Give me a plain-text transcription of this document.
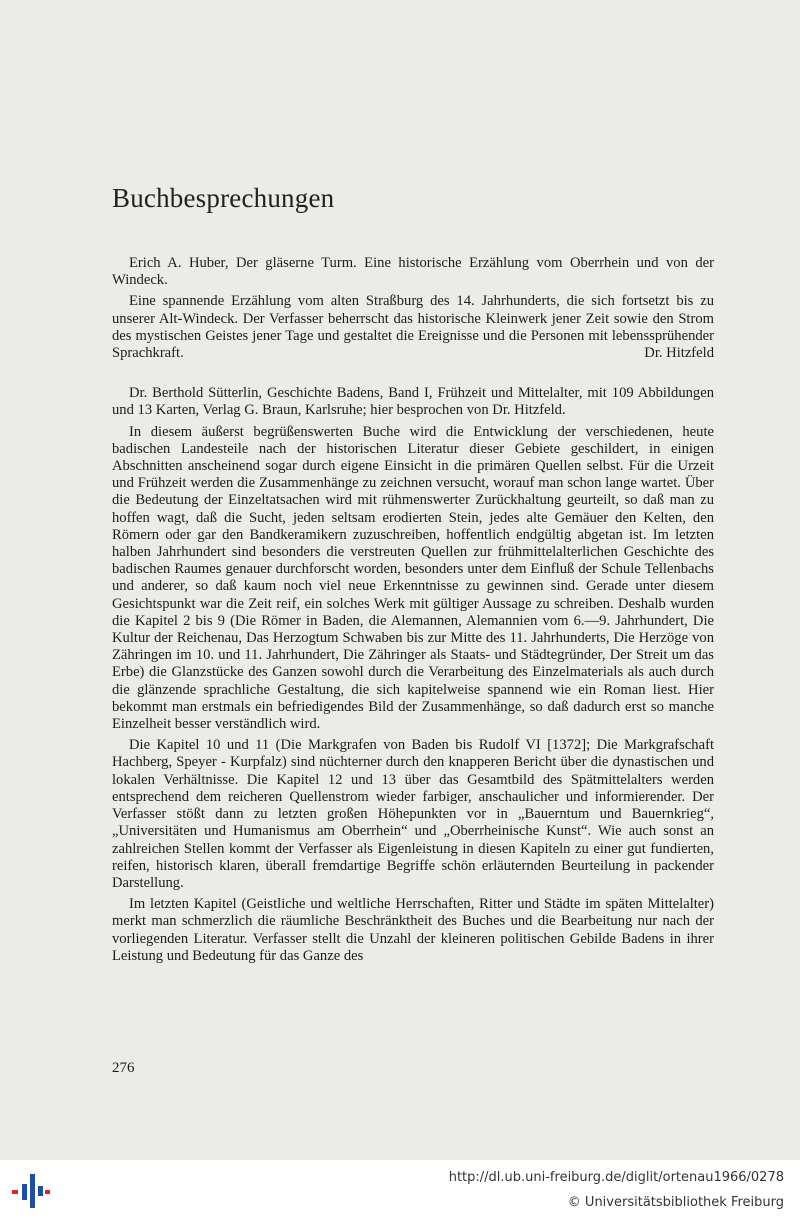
Buchbesprechungen

Erich A. Huber, Der gläserne Turm. Eine historische Erzählung vom Oberrhein und von der Windeck.

Eine spannende Erzählung vom alten Straßburg des 14. Jahrhunderts, die sich fortsetzt bis zu unserer Alt-Windeck. Der Verfasser beherrscht das historische Kleinwerk jener Zeit sowie den Strom des mystischen Geistes jener Tage und gestaltet die Ereignisse und die Personen mit lebenssprühender Sprachkraft.	Dr. Hitzfeld

Dr. Berthold Sütterlin, Geschichte Badens, Band I, Frühzeit und Mittelalter, mit 109 Abbildungen und 13 Karten, Verlag G. Braun, Karlsruhe; hier besprochen von Dr. Hitzfeld.

In diesem äußerst begrüßenswerten Buche wird die Entwicklung der verschiedenen, heute badischen Landesteile nach der historischen Literatur dieser Gebiete geschildert, in einigen Abschnitten anscheinend sogar durch eigene Einsicht in die primären Quellen selbst. Für die Urzeit und Frühzeit werden die Zusammenhänge zu zeichnen versucht, worauf man schon lange wartet. Über die Bedeutung der Einzeltatsachen wird mit rühmenswerter Zurückhaltung geurteilt, so daß man zu hoffen wagt, daß die Sucht, jeden seltsam erodierten Stein, jedes alte Gemäuer den Kelten, den Römern oder gar den Bandkeramikern zuzuschreiben, hoffentlich endgültig abgetan ist. Im letzten halben Jahrhundert sind besonders die verstreuten Quellen zur frühmittelalterlichen Geschichte des badischen Raumes genauer durchforscht worden, besonders unter dem Einfluß der Schule Tellenbachs und anderer, so daß kaum noch viel neue Erkenntnisse zu gewinnen sind. Gerade unter diesem Gesichtspunkt war die Zeit reif, ein solches Werk mit gültiger Aussage zu schreiben. Deshalb wurden die Kapitel 2 bis 9 (Die Römer in Baden, die Alemannen, Alemannien vom 6.—9. Jahrhundert, Die Kultur der Reichenau, Das Herzogtum Schwaben bis zur Mitte des 11. Jahrhunderts, Die Herzöge von Zähringen im 10. und 11. Jahrhundert, Die Zähringer als Staats- und Städtegründer, Der Streit um das Erbe) die Glanzstücke des Ganzen sowohl durch die Verarbeitung des Einzelmaterials als auch durch die glänzende sprachliche Gestaltung, die sich kapitelweise spannend wie ein Roman liest. Hier bekommt man erstmals ein befriedigendes Bild der Zusammenhänge, so daß dadurch erst so manche Einzelheit besser verständlich wird.

Die Kapitel 10 und 11 (Die Markgrafen von Baden bis Rudolf VI [1372]; Die Markgrafschaft Hachberg, Speyer - Kurpfalz) sind nüchterner durch den knapperen Bericht über die dynastischen und lokalen Verhältnisse. Die Kapitel 12 und 13 über das Gesamtbild des Spätmittelalters werden entsprechend dem reicheren Quellenstrom wieder farbiger, anschaulicher und informierender. Der Verfasser stößt dann zu letzten großen Höhepunkten vor in „Bauerntum und Bauernkrieg“, „Universitäten und Humanismus am Oberrhein“ und „Oberrheinische Kunst“. Wie auch sonst an zahlreichen Stellen kommt der Verfasser als Eigenleistung in diesen Kapiteln zu einer gut fundierten, reifen, historisch klaren, überall fremdartige Begriffe schön erläuternden Beurteilung in packender Darstellung.

Im letzten Kapitel (Geistliche und weltliche Herrschaften, Ritter und Städte im späten Mittelalter) merkt man schmerzlich die räumliche Beschränktheit des Buches und die Bearbeitung nur nach der vorliegenden Literatur. Verfasser stellt die Unzahl der kleineren politischen Gebilde Badens in ihrer Leistung und Bedeutung für das Ganze des

276
http://dl.ub.uni-freiburg.de/diglit/ortenau1966/0278
© Universitätsbibliothek Freiburg
